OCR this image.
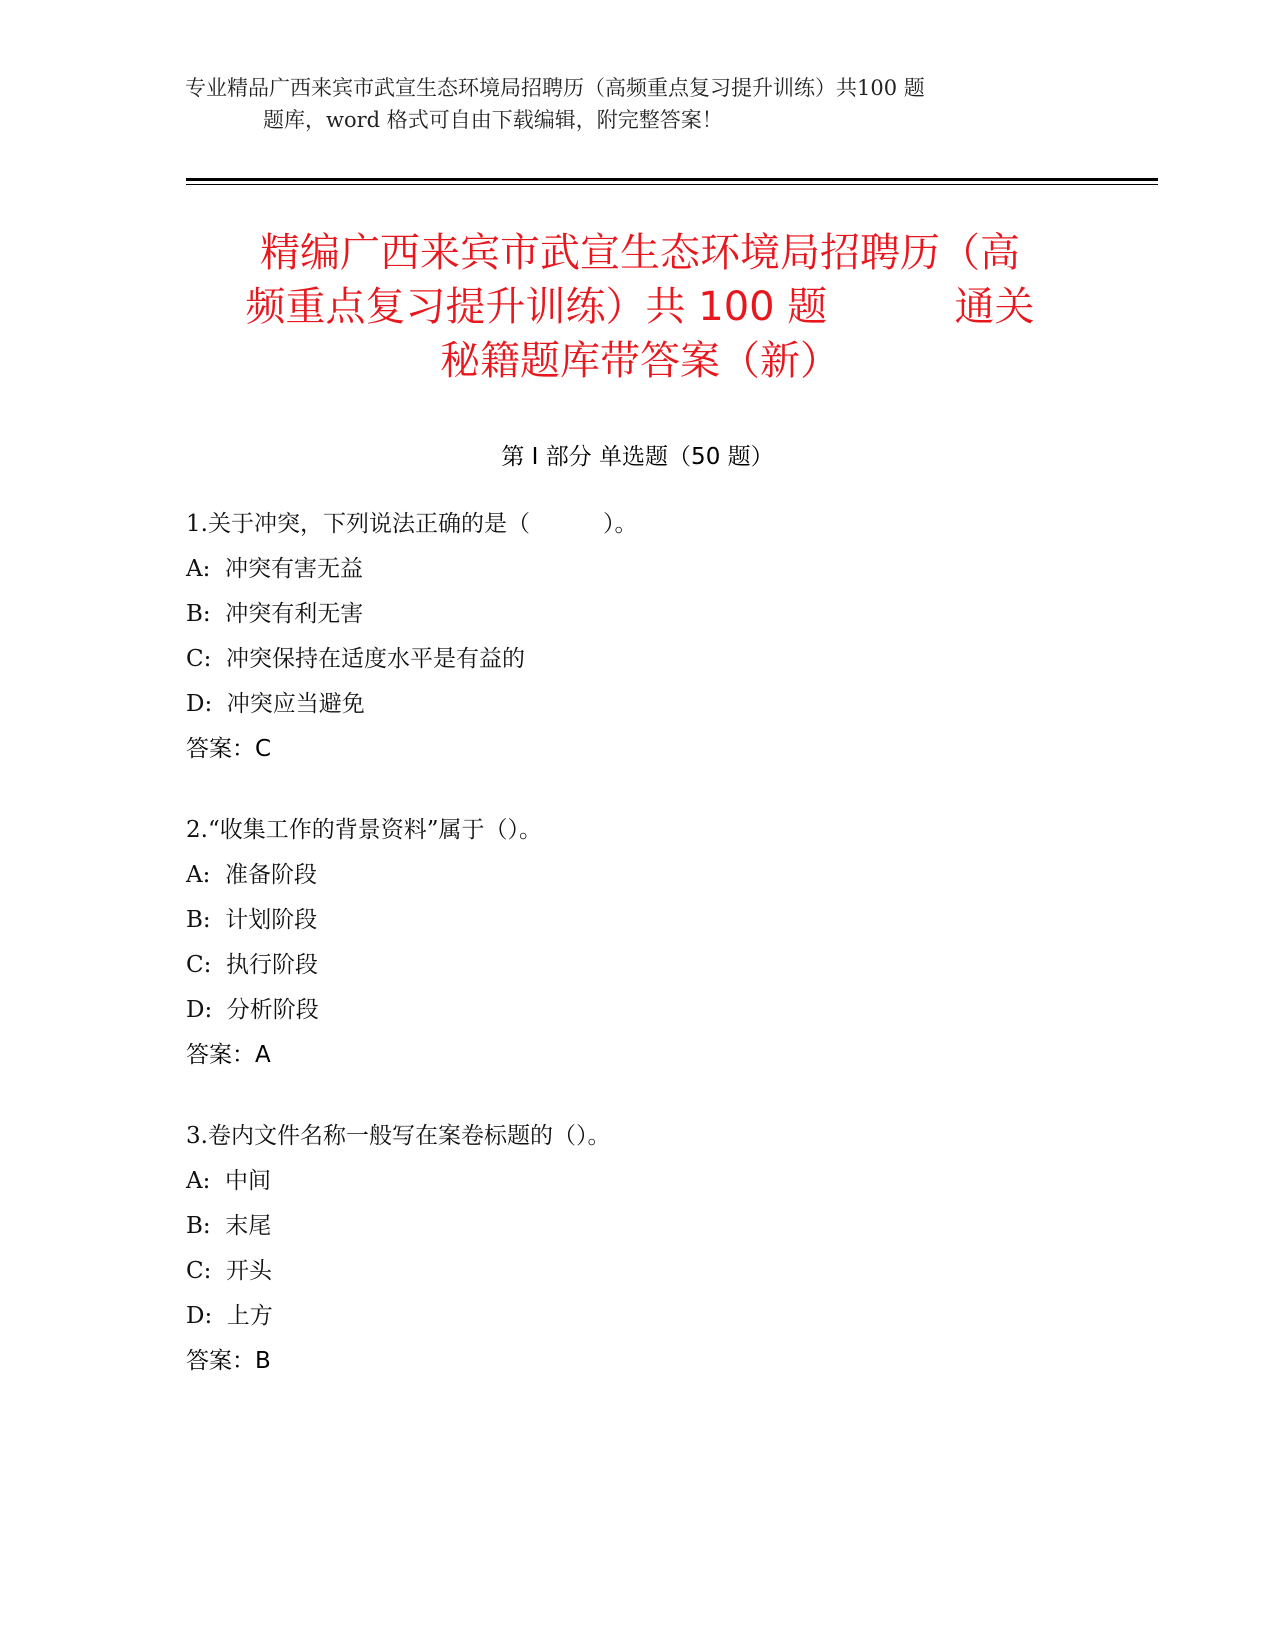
专业精品广西来宾市武宣生态环境局招聘历（高频重点复习提升训练）共100 题
题库，word 格式可自由下载编辑，附完整答案！
精编广西来宾市武宣生态环境局招聘历（高
频重点复习提升训练）共 100 题          通关
秘籍题库带答案（新）
第 I 部分 单选题（50 题）
1.关于冲突，下列说法正确的是（          ）。
A:  冲突有害无益
B:  冲突有利无害
C:  冲突保持在适度水平是有益的
D:  冲突应当避免
答案：C
2.“收集工作的背景资料”属于（）。
A:  准备阶段
B:  计划阶段
C:  执行阶段
D:  分析阶段
答案：A
3.卷内文件名称一般写在案卷标题的（）。
A:  中间
B:  末尾
C:  开头
D:  上方
答案：B
